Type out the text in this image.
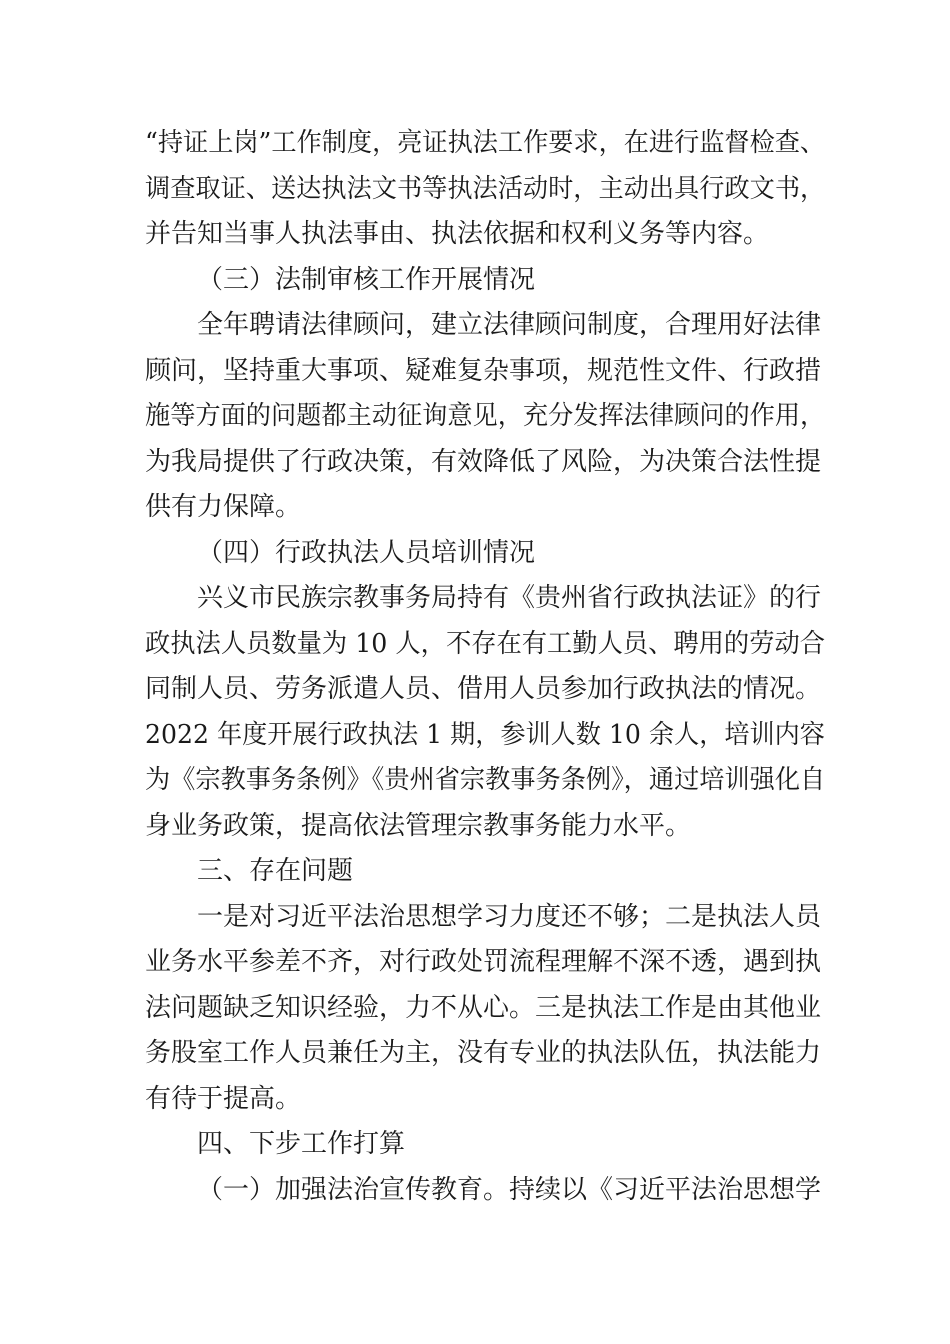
“持证上岗”工作制度，亮证执法工作要求，在进行监督检查、
调查取证、送达执法文书等执法活动时，主动出具行政文书，
并告知当事人执法事由、执法依据和权利义务等内容。
（三）法制审核工作开展情况
全年聘请法律顾问，建立法律顾问制度，合理用好法律
顾问，坚持重大事项、疑难复杂事项，规范性文件、行政措
施等方面的问题都主动征询意见，充分发挥法律顾问的作用，
为我局提供了行政决策，有效降低了风险，为决策合法性提
供有力保障。
（四）行政执法人员培训情况
兴义市民族宗教事务局持有《贵州省行政执法证》的行
政执法人员数量为 10 人，不存在有工勤人员、聘用的劳动合
同制人员、劳务派遣人员、借用人员参加行政执法的情况。
2022 年度开展行政执法 1 期，参训人数 10 余人，培训内容
为《宗教事务条例》《贵州省宗教事务条例》，通过培训强化自
身业务政策，提高依法管理宗教事务能力水平。
三、存在问题
一是对习近平法治思想学习力度还不够；二是执法人员
业务水平参差不齐，对行政处罚流程理解不深不透，遇到执
法问题缺乏知识经验，力不从心。三是执法工作是由其他业
务股室工作人员兼任为主，没有专业的执法队伍，执法能力
有待于提高。
四、下步工作打算
（一）加强法治宣传教育。持续以《习近平法治思想学
